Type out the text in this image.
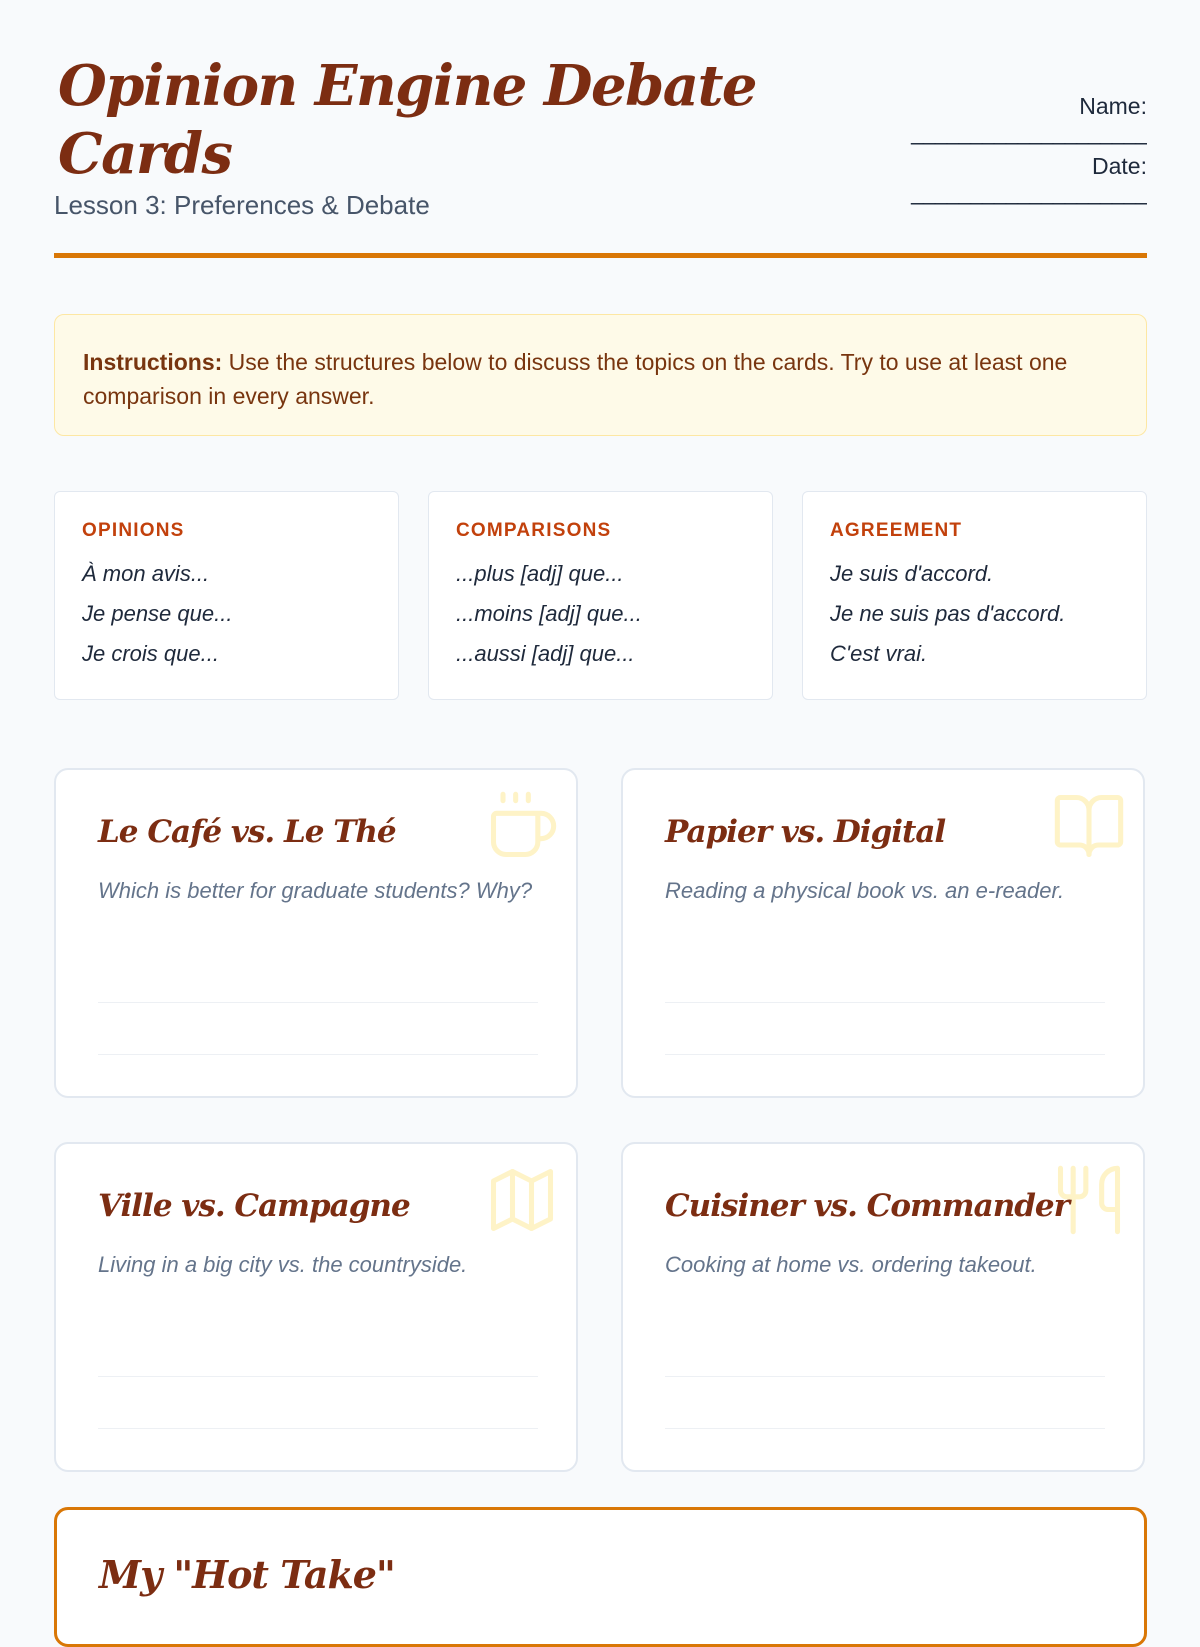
Opinion Engine Debate Cards

Lesson 3: Preferences & Debate

Name:
____________________
Date:
____________________
Instructions: Use the structures below to discuss the topics on the cards. Try to use at least one comparison in every answer.

OPINIONS

À mon avis...

Je pense que...

Je crois que...

COMPARISONS

...plus [adj] que...

...moins [adj] que...

...aussi [adj] que...

AGREEMENT

Je suis d'accord.

Je ne suis pas d'accord.

C'est vrai.

Le Café vs. Le Thé

Which is better for graduate students? Why?

Papier vs. Digital

Reading a physical book vs. an e-reader.

Ville vs. Campagne

Living in a big city vs. the countryside.

Cuisiner vs. Commander

Cooking at home vs. ordering takeout.

My "Hot Take"
